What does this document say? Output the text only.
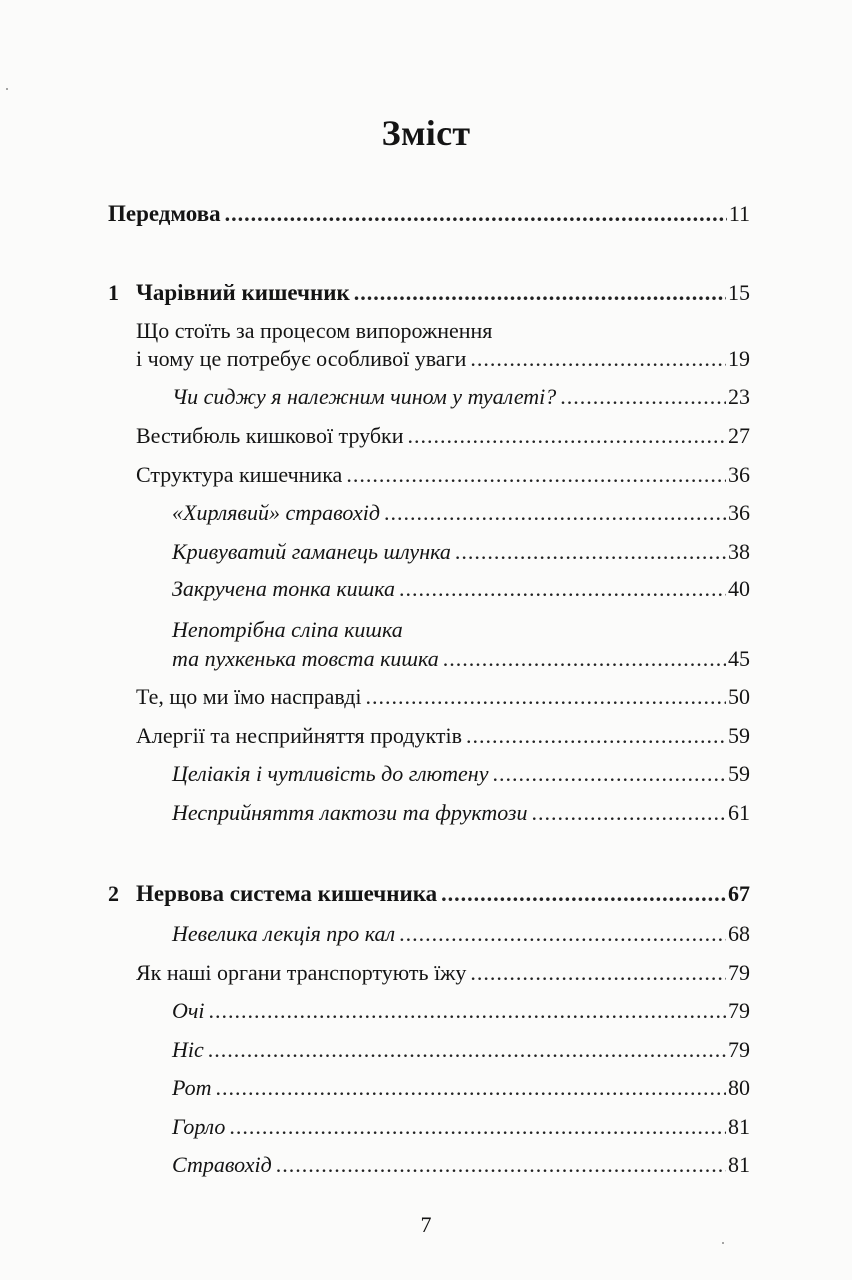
Зміст
Передмова .....	11
1 Чарівний кишечник .....	15
Що стоїть за процесом випорожнення
і чому це потребує особливої уваги .....	19
Чи сиджу я належним чином у туалеті? .....	23
Вестибюль кишкової трубки .....	27
Структура кишечника .....	36
«Хирлявий» стравохід .....	36
Кривуватий гаманець шлунка .....	38
Закручена тонка кишка .....	40
Непотрібна сліпа кишка
та пухкенька товста кишка .....	45
Те, що ми їмо насправді .....	50
Алергії та несприйняття продуктів .....	59
Целіакія і чутливість до глютену .....	59
Несприйняття лактози та фруктози .....	61
2 Нервова система кишечника .....	67
Невелика лекція про кал .....	68
Як наші органи транспортують їжу .....	79
Очі .....	79
Ніс .....	79
Рот .....	80
Горло .....	81
Стравохід .....	81
7
